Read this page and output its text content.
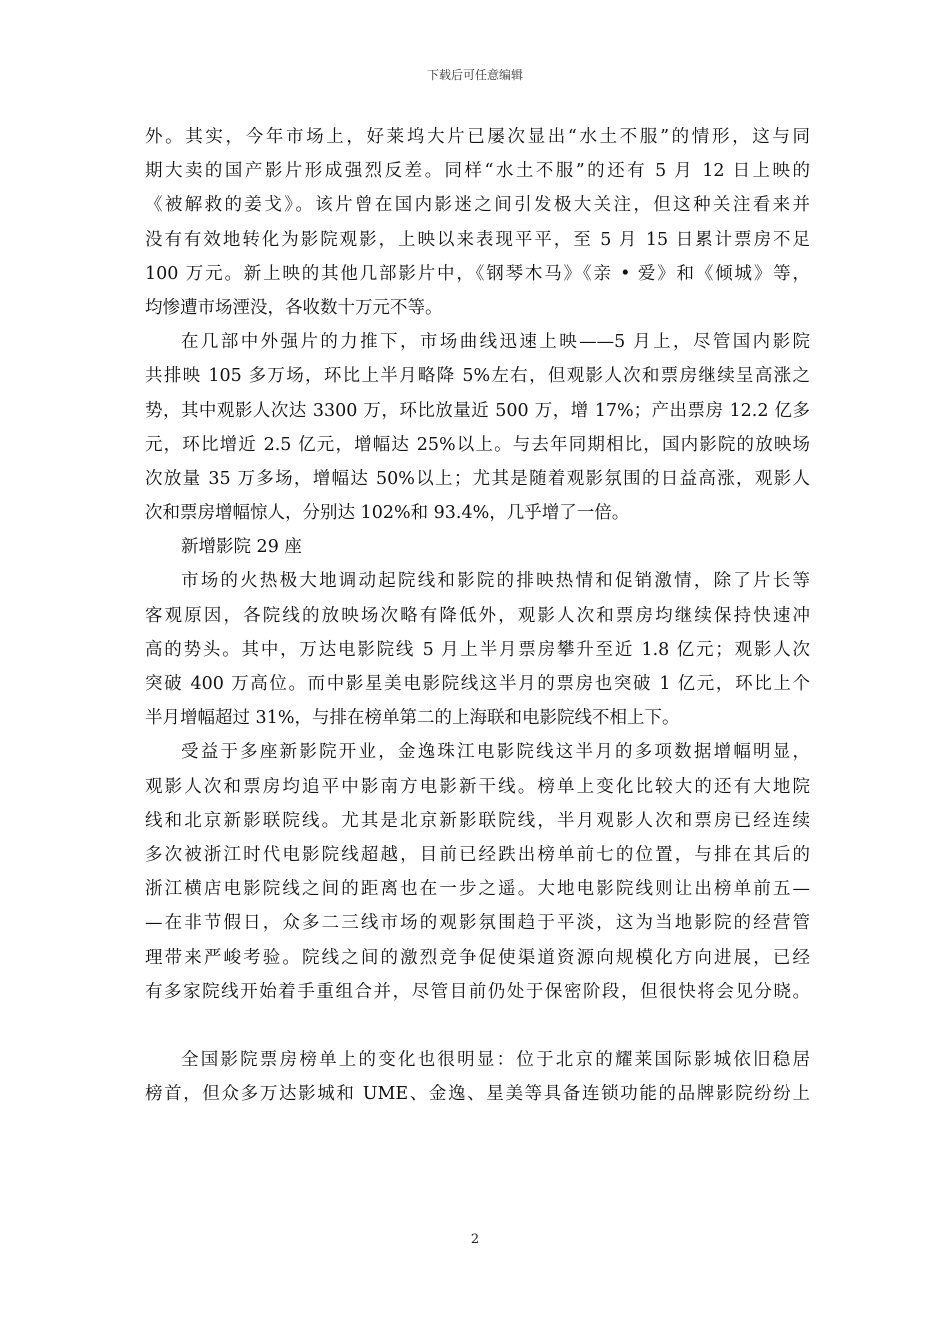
下载后可任意编辑
外。其实，今年市场上，好莱坞大片已屡次显出“水土不服”的情形，这与同
期大卖的国产影片形成强烈反差。同样“水土不服”的还有 5 月 12 日上映的
《被解救的姜戈》。该片曾在国内影迷之间引发极大关注，但这种关注看来并
没有有效地转化为影院观影，上映以来表现平平，至 5 月 15 日累计票房不足
100 万元。新上映的其他几部影片中，《钢琴木马》《亲 • 爱》和《倾城》等，
均惨遭市场湮没，各收数十万元不等。
在几部中外强片的力推下，市场曲线迅速上映——5 月上，尽管国内影院
共排映 105 多万场，环比上半月略降 5%左右，但观影人次和票房继续呈高涨之
势，其中观影人次达 3300 万，环比放量近 500 万，增 17%；产出票房 12.2 亿多
元，环比增近 2.5 亿元，增幅达 25%以上。与去年同期相比，国内影院的放映场
次放量 35 万多场，增幅达 50%以上；尤其是随着观影氛围的日益高涨，观影人
次和票房增幅惊人，分别达 102%和 93.4%，几乎增了一倍。
新增影院 29 座
市场的火热极大地调动起院线和影院的排映热情和促销激情，除了片长等
客观原因，各院线的放映场次略有降低外，观影人次和票房均继续保持快速冲
高的势头。其中，万达电影院线 5 月上半月票房攀升至近 1.8 亿元；观影人次
突破 400 万高位。而中影星美电影院线这半月的票房也突破 1 亿元，环比上个
半月增幅超过 31%，与排在榜单第二的上海联和电影院线不相上下。
受益于多座新影院开业，金逸珠江电影院线这半月的多项数据增幅明显，
观影人次和票房均追平中影南方电影新干线。榜单上变化比较大的还有大地院
线和北京新影联院线。尤其是北京新影联院线，半月观影人次和票房已经连续
多次被浙江时代电影院线超越，目前已经跌出榜单前七的位置，与排在其后的
浙江横店电影院线之间的距离也在一步之遥。大地电影院线则让出榜单前五—
—在非节假日，众多二三线市场的观影氛围趋于平淡，这为当地影院的经营管
理带来严峻考验。院线之间的激烈竞争促使渠道资源向规模化方向进展，已经
有多家院线开始着手重组合并，尽管目前仍处于保密阶段，但很快将会见分晓。
全国影院票房榜单上的变化也很明显：位于北京的耀莱国际影城依旧稳居
榜首，但众多万达影城和 UME、金逸、星美等具备连锁功能的品牌影院纷纷上
2
